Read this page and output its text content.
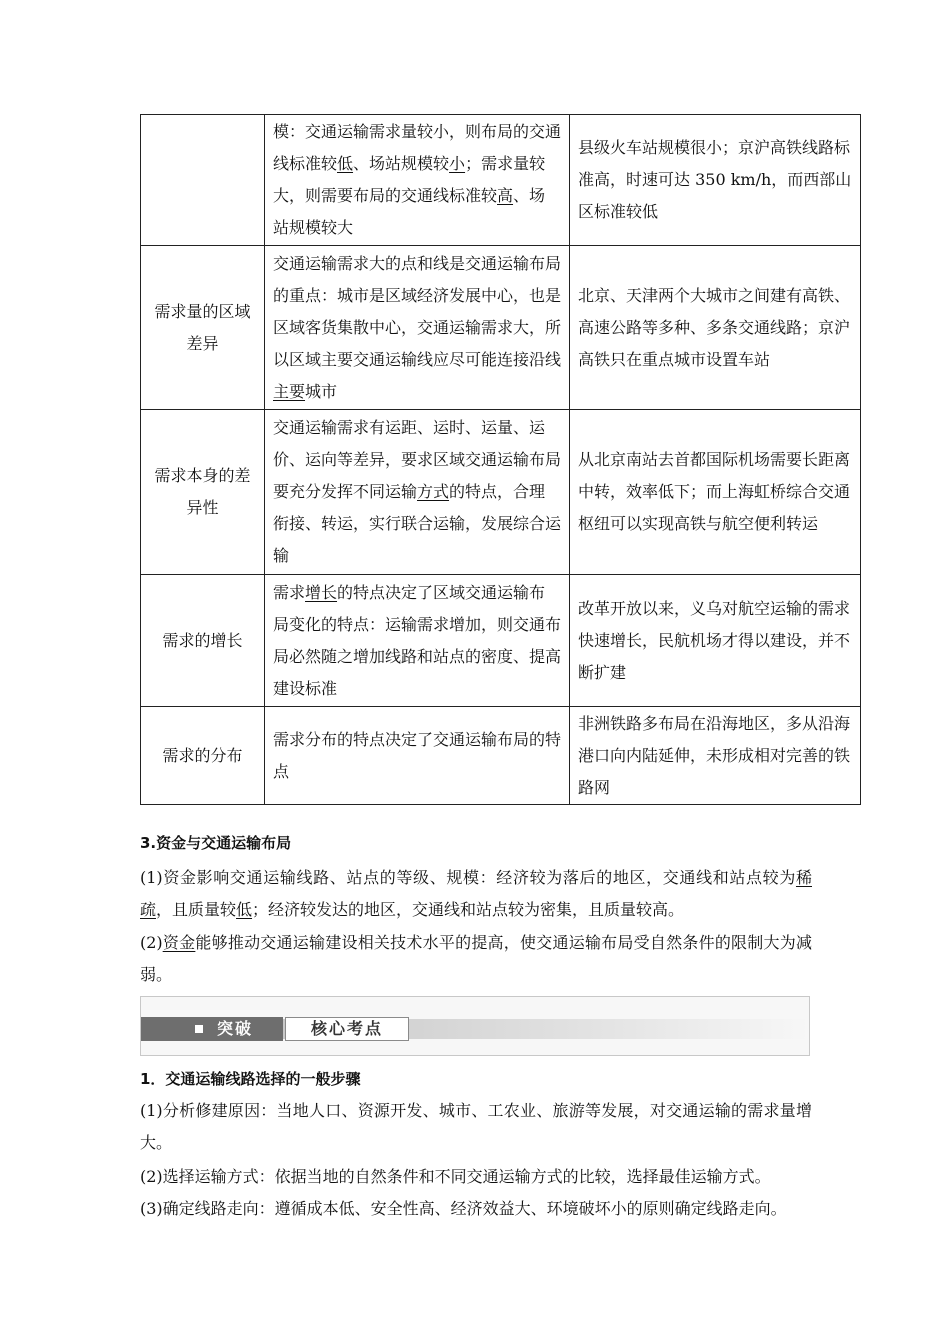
	模：交通运输需求量较小，则布局的交通线标准较低、场站规模较小；需求量较大，则需要布局的交通线标准较高、场站规模较大	县级火车站规模很小；京沪高铁线路标准高，时速可达 350 km/h，而西部山区标准较低
需求量的区域差异	交通运输需求大的点和线是交通运输布局的重点：城市是区域经济发展中心，也是区域客货集散中心，交通运输需求大，所以区域主要交通运输线应尽可能连接沿线主要城市	北京、天津两个大城市之间建有高铁、高速公路等多种、多条交通线路；京沪高铁只在重点城市设置车站
需求本身的差异性	交通运输需求有运距、运时、运量、运价、运向等差异，要求区域交通运输布局要充分发挥不同运输方式的特点，合理衔接、转运，实行联合运输，发展综合运输	从北京南站去首都国际机场需要长距离中转，效率低下；而上海虹桥综合交通枢纽可以实现高铁与航空便利转运
需求的增长	需求增长的特点决定了区域交通运输布局变化的特点：运输需求增加，则交通布局必然随之增加线路和站点的密度、提高建设标准	改革开放以来，义乌对航空运输的需求快速增长，民航机场才得以建设，并不断扩建
需求的分布	需求分布的特点决定了交通运输布局的特点	非洲铁路多布局在沿海地区，多从沿海港口向内陆延伸，未形成相对完善的铁路网
3.资金与交通运输布局
(1)资金影响交通运输线路、站点的等级、规模：经济较为落后的地区，交通线和站点较为稀疏，且质量较低；经济较发达的地区，交通线和站点较为密集，且质量较高。
(2)资金能够推动交通运输建设相关技术水平的提高，使交通运输布局受自然条件的限制大为减弱。
突破	核心考点
1．交通运输线路选择的一般步骤
(1)分析修建原因：当地人口、资源开发、城市、工农业、旅游等发展，对交通运输的需求量增大。
(2)选择运输方式：依据当地的自然条件和不同交通运输方式的比较，选择最佳运输方式。
(3)确定线路走向：遵循成本低、安全性高、经济效益大、环境破坏小的原则确定线路走向。
